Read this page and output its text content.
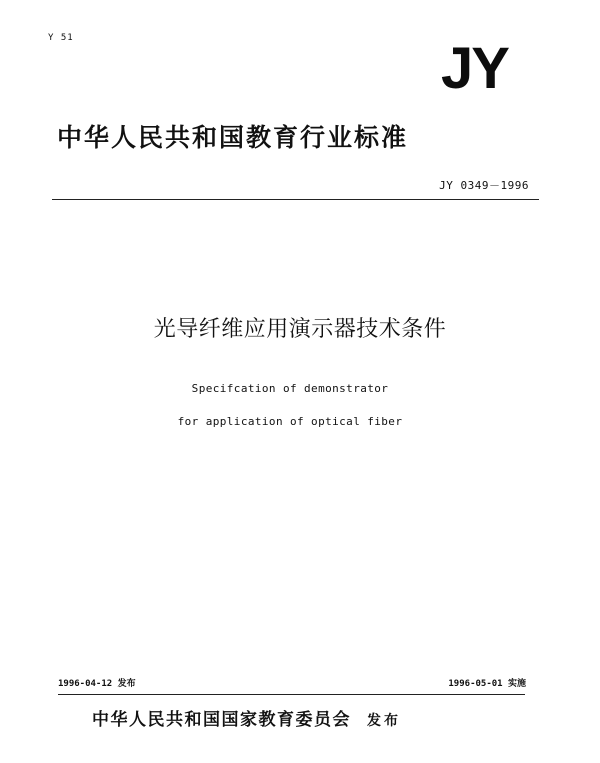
Y 51	JY
中华人民共和国教育行业标准
JY 0349－1996
光导纤维应用演示器技术条件
Specifcation of demonstrator
for application of optical fiber
1996-04-12 发布	1996-05-01 实施
中华人民共和国国家教育委员会 发布
